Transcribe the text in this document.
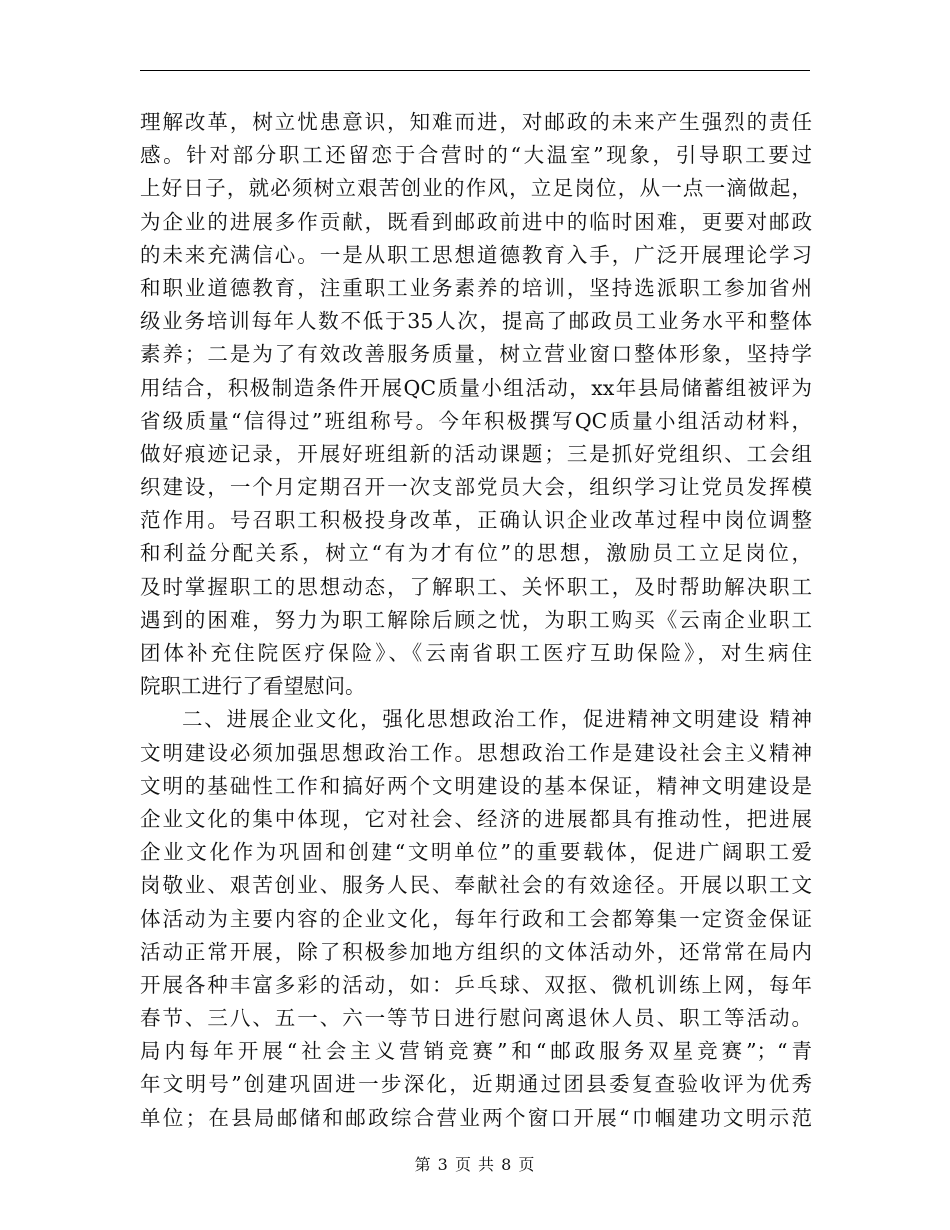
理解改革，树立忧患意识，知难而进，对邮政的未来产生强烈的责任
感。针对部分职工还留恋于合营时的“大温室”现象，引导职工要过
上好日子，就必须树立艰苦创业的作风，立足岗位，从一点一滴做起，
为企业的进展多作贡献，既看到邮政前进中的临时困难，更要对邮政
的未来充满信心。一是从职工思想道德教育入手，广泛开展理论学习
和职业道德教育，注重职工业务素养的培训，坚持选派职工参加省州
级业务培训每年人数不低于35人次，提高了邮政员工业务水平和整体
素养；二是为了有效改善服务质量，树立营业窗口整体形象，坚持学
用结合，积极制造条件开展QC质量小组活动，xx年县局储蓄组被评为
省级质量“信得过”班组称号。今年积极撰写QC质量小组活动材料，
做好痕迹记录，开展好班组新的活动课题；三是抓好党组织、工会组
织建设，一个月定期召开一次支部党员大会，组织学习让党员发挥模
范作用。号召职工积极投身改革，正确认识企业改革过程中岗位调整
和利益分配关系，树立“有为才有位”的思想，激励员工立足岗位，
及时掌握职工的思想动态，了解职工、关怀职工，及时帮助解决职工
遇到的困难，努力为职工解除后顾之忧，为职工购买《云南企业职工
团体补充住院医疗保险》、《云南省职工医疗互助保险》，对生病住
院职工进行了看望慰问。
二、进展企业文化，强化思想政治工作，促进精神文明建设 精神
文明建设必须加强思想政治工作。思想政治工作是建设社会主义精神
文明的基础性工作和搞好两个文明建设的基本保证，精神文明建设是
企业文化的集中体现，它对社会、经济的进展都具有推动性，把进展
企业文化作为巩固和创建“文明单位”的重要载体，促进广阔职工爱
岗敬业、艰苦创业、服务人民、奉献社会的有效途径。开展以职工文
体活动为主要内容的企业文化，每年行政和工会都筹集一定资金保证
活动正常开展，除了积极参加地方组织的文体活动外，还常常在局内
开展各种丰富多彩的活动，如：乒乓球、双抠、微机训练上网，每年
春节、三八、五一、六一等节日进行慰问离退休人员、职工等活动。
局内每年开展“社会主义营销竞赛”和“邮政服务双星竞赛”；“青
年文明号”创建巩固进一步深化，近期通过团县委复查验收评为优秀
单位；在县局邮储和邮政综合营业两个窗口开展“巾帼建功文明示范
第 3 页 共 8 页
